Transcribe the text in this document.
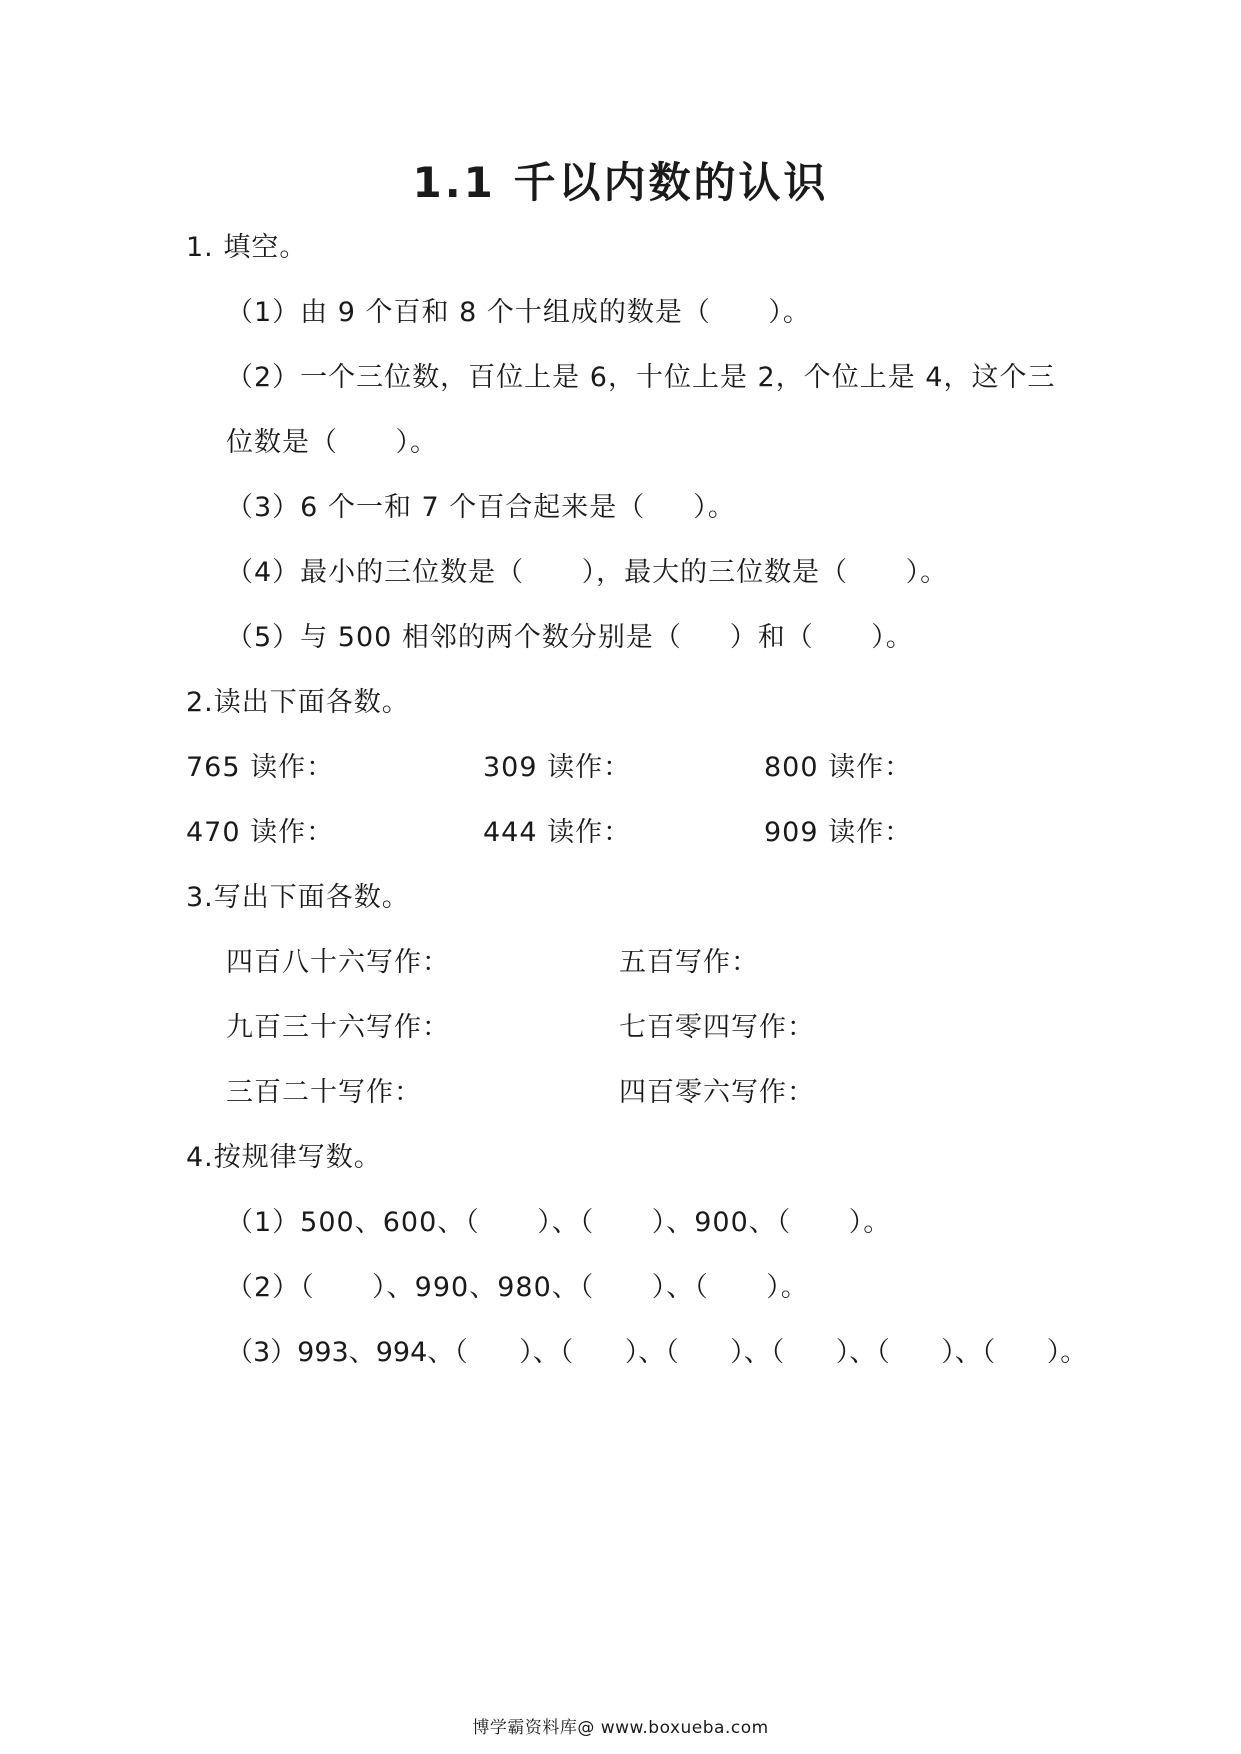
1.1 千以内数的认识
1. 填空。
（1）由 9 个百和 8 个十组成的数是（      ）。
（2）一个三位数，百位上是 6，十位上是 2，个位上是 4，这个三
位数是（      ）。
（3）6 个一和 7 个百合起来是（     ）。
（4）最小的三位数是（      ），最大的三位数是（      ）。
（5）与 500 相邻的两个数分别是（     ）和（      ）。
2.读出下面各数。
765 读作：	309 读作：	800 读作：
470 读作：	444 读作：	909 读作：
3.写出下面各数。
四百八十六写作：	五百写作：
九百三十六写作：	七百零四写作：
三百二十写作：	四百零六写作：
4.按规律写数。
（1）500、600、（      ）、（      ）、900、（      ）。
（2）（      ）、990、980、（      ）、（      ）。
（3）993、994、（      ）、（      ）、（      ）、（      ）、（      ）、（      ）。
博学霸资料库@ www.boxueba.com
